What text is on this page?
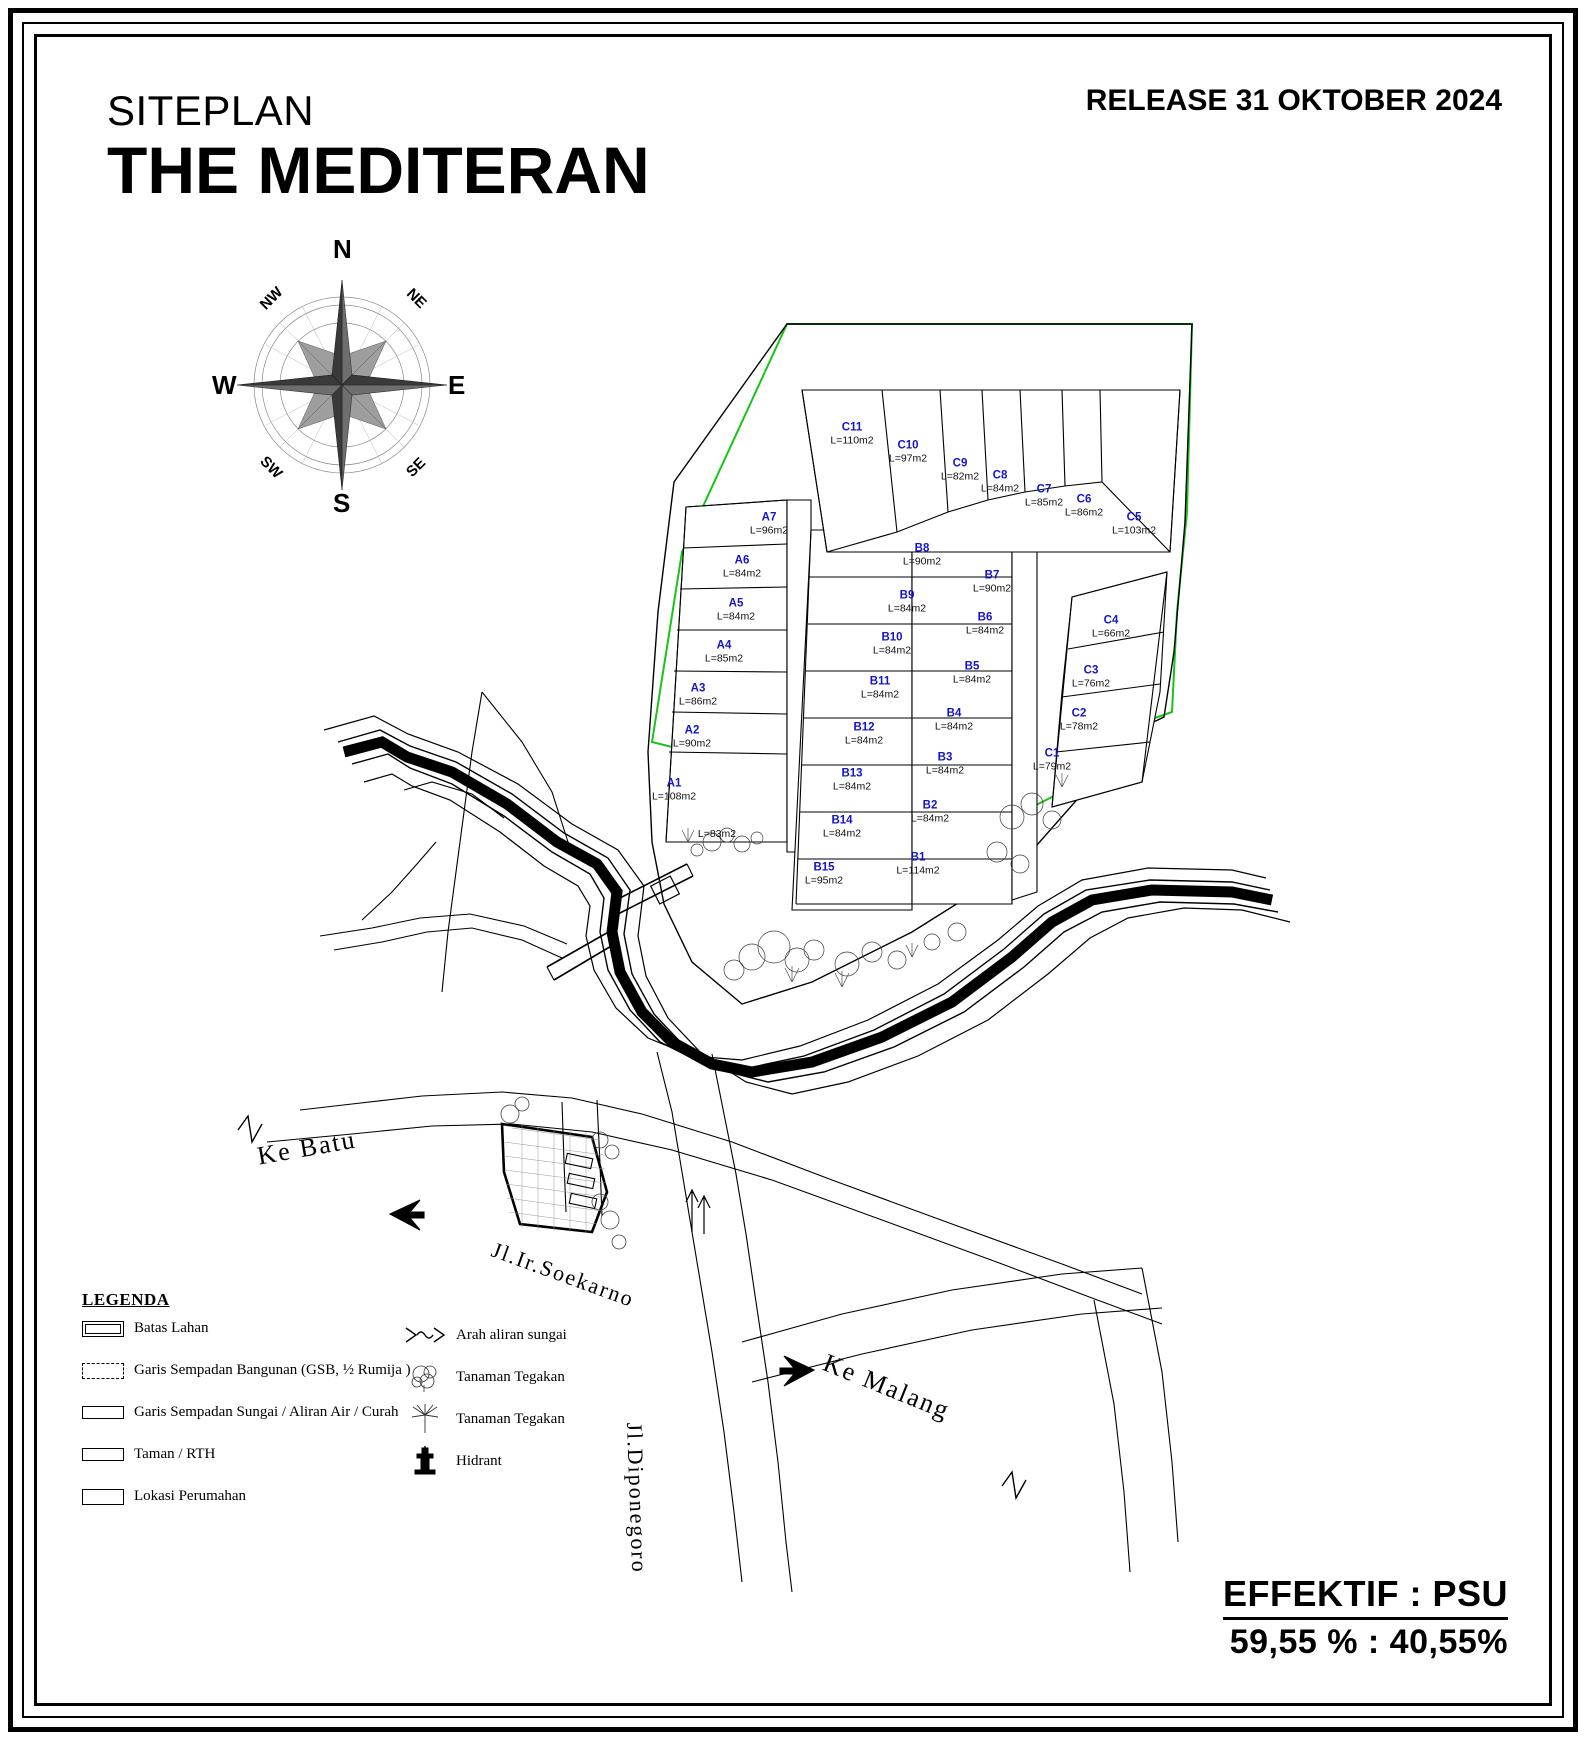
SITEPLAN
THE MEDITERAN
RELEASE 31 OKTOBER 2024
N
S
E
W
NW	NE
SW	SE
C11
L=110m2	C10
L=97m2	C9
L=82m2	C8
L=84m2	C7
L=85m2	C6
L=86m2	C5
L=103m2
C4
L=66m2
C3
L=76m2
C2
L=78m2
C1
L=79m2
A7
L=96m2
A6
L=84m2
A5
L=84m2
A4
L=85m2
A3
L=86m2
A2
L=90m2
A1
L=108m2
B8
L=90m2
B9
L=84m2
B7
L=90m2
B10
L=84m2
B6
L=84m2
B11
L=84m2
B5
L=84m2
B12
L=84m2
B4
L=84m2
B13
L=84m2
B3
L=84m2
B14
L=84m2
B2
L=84m2
B15
L=95m2
B1
L=114m2
L=83m2
Ke Batu
Jl.Ir.Soekarno
Ke Malang
Jl.Diponegoro
LEGENDA
Batas Lahan
Garis Sempadan Bangunan (GSB, ½ Rumija )
Garis Sempadan Sungai / Aliran Air / Curah
Taman / RTH
Lokasi Perumahan
Arah aliran sungai
Tanaman Tegakan
Tanaman Tegakan
Hidrant
EFFEKTIF : PSU
59,55 % : 40,55%
